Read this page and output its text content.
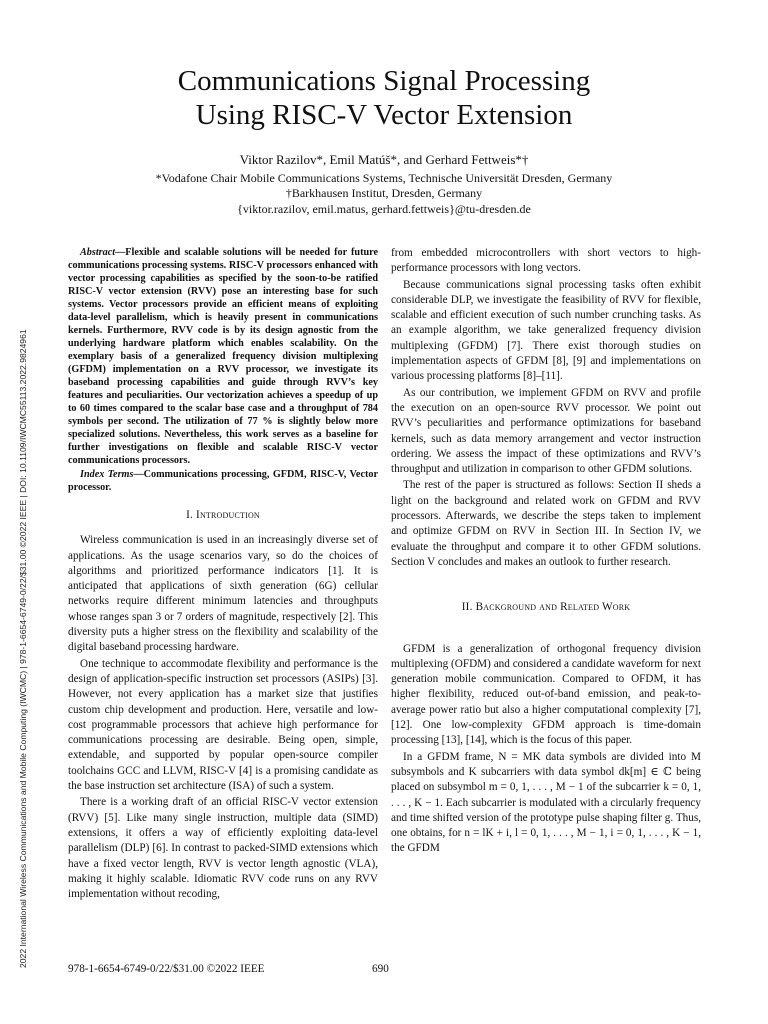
2022 International Wireless Communications and Mobile Computing (IWCMC) | 978-1-6654-6749-0/22/$31.00 ©2022 IEEE | DOI: 10.1109/IWCMC55113.2022.9824961
Communications Signal Processing
Using RISC-V Vector Extension
Viktor Razilov*, Emil Matúš*, and Gerhard Fettweis*†
*Vodafone Chair Mobile Communications Systems, Technische Universität Dresden, Germany
†Barkhausen Institut, Dresden, Germany
{viktor.razilov, emil.matus, gerhard.fettweis}@tu-dresden.de

Abstract—Flexible and scalable solutions will be needed for future communications processing systems. RISC-V processors enhanced with vector processing capabilities as specified by the soon-to-be ratified RISC-V vector extension (RVV) pose an interesting base for such systems. Vector processors provide an efficient means of exploiting data-level parallelism, which is heavily present in communications kernels. Furthermore, RVV code is by its design agnostic from the underlying hardware platform which enables scalability. On the exemplary basis of a generalized frequency division multiplexing (GFDM) implementation on a RVV processor, we investigate its baseband processing capabilities and guide through RVV’s key features and peculiarities. Our vectorization achieves a speedup of up to 60 times compared to the scalar base case and a throughput of 784 symbols per second. The utilization of 77 % is slightly below more specialized solutions. Nevertheless, this work serves as a baseline for further investigations on flexible and scalable RISC-V vector communications processors.

Index Terms—Communications processing, GFDM, RISC-V, Vector processor.

I. Introduction

Wireless communication is used in an increasingly diverse set of applications. As the usage scenarios vary, so do the choices of algorithms and prioritized performance indicators [1]. It is anticipated that applications of sixth generation (6G) cellular networks require different minimum latencies and throughputs whose ranges span 3 or 7 orders of magnitude, respectively [2]. This diversity puts a higher stress on the flexibility and scalability of the digital baseband processing hardware.

One technique to accommodate flexibility and performance is the design of application-specific instruction set processors (ASIPs) [3]. However, not every application has a market size that justifies custom chip development and production. Here, versatile and low-cost programmable processors that achieve high performance for communications processing are desirable. Being open, simple, extendable, and supported by popular open-source compiler toolchains GCC and LLVM, RISC-V [4] is a promising candidate as the base instruction set architecture (ISA) of such a system.

There is a working draft of an official RISC-V vector extension (RVV) [5]. Like many single instruction, multiple data (SIMD) extensions, it offers a way of efficiently exploiting data-level parallelism (DLP) [6]. In contrast to packed-SIMD extensions which have a fixed vector length, RVV is vector length agnostic (VLA), making it highly scalable. Idiomatic RVV code runs on any RVV implementation without recoding,

from embedded microcontrollers with short vectors to high-performance processors with long vectors.

Because communications signal processing tasks often exhibit considerable DLP, we investigate the feasibility of RVV for flexible, scalable and efficient execution of such number crunching tasks. As an example algorithm, we take generalized frequency division multiplexing (GFDM) [7]. There exist thorough studies on implementation aspects of GFDM [8], [9] and implementations on various processing platforms [8]–[11].

As our contribution, we implement GFDM on RVV and profile the execution on an open-source RVV processor. We point out RVV’s peculiarities and performance optimizations for baseband kernels, such as data memory arrangement and vector instruction ordering. We assess the impact of these optimizations and RVV’s throughput and utilization in comparison to other GFDM solutions.

The rest of the paper is structured as follows: Section II sheds a light on the background and related work on GFDM and RVV processors. Afterwards, we describe the steps taken to implement and optimize GFDM on RVV in Section III. In Section IV, we evaluate the throughput and compare it to other GFDM solutions. Section V concludes and makes an outlook to further research.

II. Background and Related Work

GFDM is a generalization of orthogonal frequency division multiplexing (OFDM) and considered a candidate waveform for next generation mobile communication. Compared to OFDM, it has higher flexibility, reduced out-of-band emission, and peak-to-average power ratio but also a higher computational complexity [7], [12]. One low-complexity GFDM approach is time-domain processing [13], [14], which is the focus of this paper.

In a GFDM frame, N = MK data symbols are divided into M subsymbols and K subcarriers with data symbol dk[m] ∈ ℂ being placed on subsymbol m = 0, 1, . . . , M − 1 of the subcarrier k = 0, 1, . . . , K − 1. Each subcarrier is modulated with a circularly frequency and time shifted version of the prototype pulse shaping filter g. Thus, one obtains, for n = lK + i, l = 0, 1, . . . , M − 1, i = 0, 1, . . . , K − 1, the GFDM

978-1-6654-6749-0/22/$31.00 ©2022 IEEE	690
